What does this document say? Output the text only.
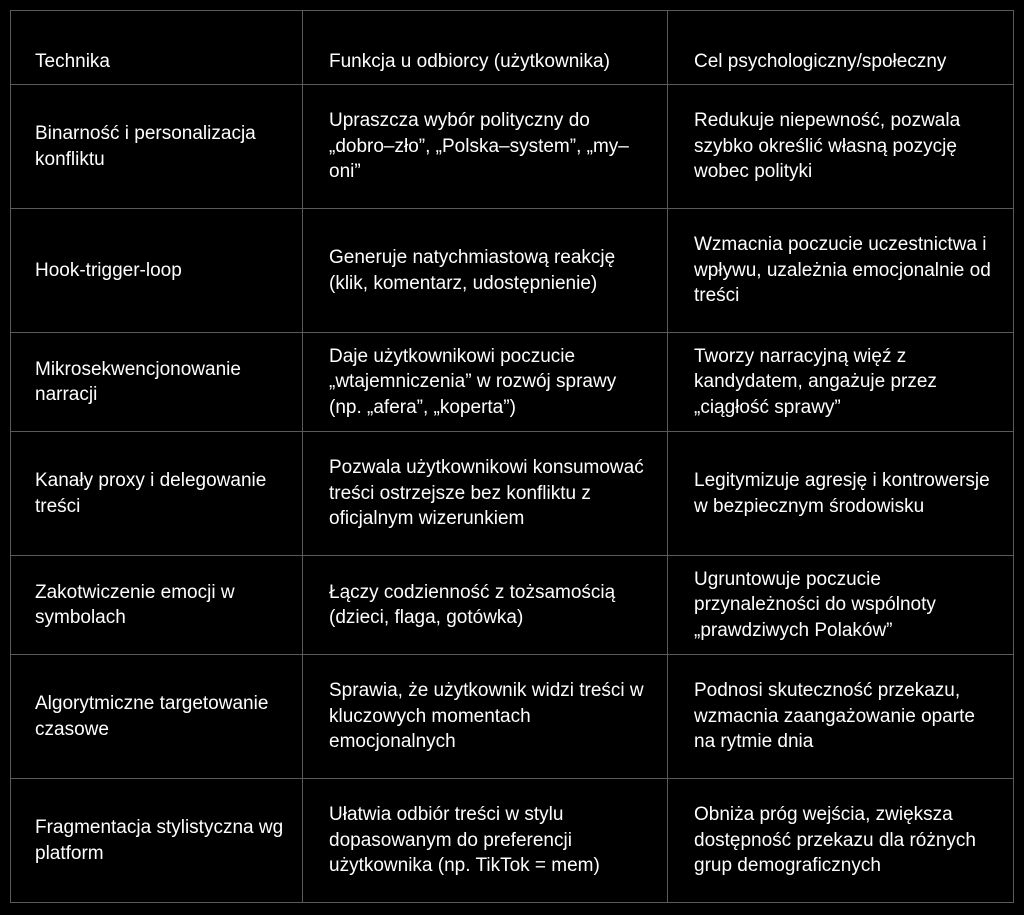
Technika	Funkcja u odbiorcy (użytkownika)	Cel psychologiczny/społeczny
Binarność i personalizacja konfliktu	Upraszcza wybór polityczny do „dobro–zło”, „Polska–system”, „my–oni”	Redukuje niepewność, pozwala szybko określić własną pozycję wobec polityki
Hook-trigger-loop	Generuje natychmiastową reakcję (klik, komentarz, udostępnienie)	Wzmacnia poczucie uczestnictwa i wpływu, uzależnia emocjonalnie od treści
Mikrosekwencjonowanie narracji	Daje użytkownikowi poczucie „wtajemniczenia” w rozwój sprawy (np. „afera”, „koperta”)	Tworzy narracyjną więź z kandydatem, angażuje przez „ciągłość sprawy”
Kanały proxy i delegowanie treści	Pozwala użytkownikowi konsumować treści ostrzejsze bez konfliktu z oficjalnym wizerunkiem	Legitymizuje agresję i kontrowersje w bezpiecznym środowisku
Zakotwiczenie emocji w symbolach	Łączy codzienność z tożsamością (dzieci, flaga, gotówka)	Ugruntowuje poczucie przynależności do wspólnoty „prawdziwych Polaków”
Algorytmiczne targetowanie czasowe	Sprawia, że użytkownik widzi treści w kluczowych momentach emocjonalnych	Podnosi skuteczność przekazu, wzmacnia zaangażowanie oparte na rytmie dnia
Fragmentacja stylistyczna wg platform	Ułatwia odbiór treści w stylu dopasowanym do preferencji użytkownika (np. TikTok = mem)	Obniża próg wejścia, zwiększa dostępność przekazu dla różnych grup demograficznych
